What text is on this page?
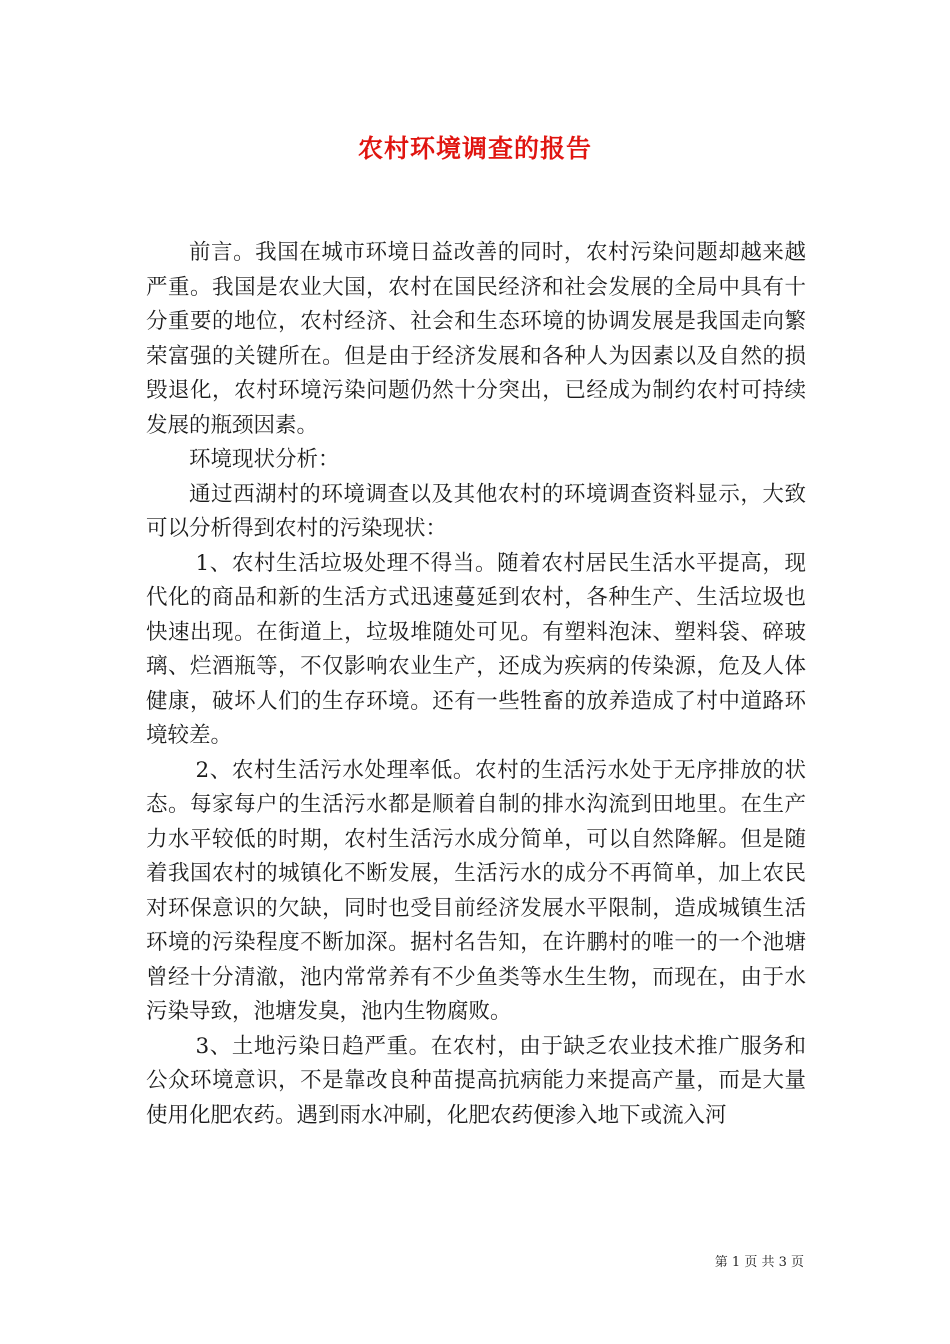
农村环境调查的报告

前言。我国在城市环境日益改善的同时，农村污染问题却越来越严重。我国是农业大国，农村在国民经济和社会发展的全局中具有十分重要的地位，农村经济、社会和生态环境的协调发展是我国走向繁荣富强的关键所在。但是由于经济发展和各种人为因素以及自然的损毁退化，农村环境污染问题仍然十分突出，已经成为制约农村可持续发展的瓶颈因素。

环境现状分析：

通过西湖村的环境调查以及其他农村的环境调查资料显示，大致可以分析得到农村的污染现状：

1、农村生活垃圾处理不得当。随着农村居民生活水平提高，现代化的商品和新的生活方式迅速蔓延到农村，各种生产、生活垃圾也快速出现。在街道上，垃圾堆随处可见。有塑料泡沫、塑料袋、碎玻璃、烂酒瓶等，不仅影响农业生产，还成为疾病的传染源，危及人体健康，破坏人们的生存环境。还有一些牲畜的放养造成了村中道路环境较差。

2、农村生活污水处理率低。农村的生活污水处于无序排放的状态。每家每户的生活污水都是顺着自制的排水沟流到田地里。在生产力水平较低的时期，农村生活污水成分简单，可以自然降解。但是随着我国农村的城镇化不断发展，生活污水的成分不再简单，加上农民对环保意识的欠缺，同时也受目前经济发展水平限制，造成城镇生活环境的污染程度不断加深。据村名告知，在许鹏村的唯一的一个池塘曾经十分清澈，池内常常养有不少鱼类等水生生物，而现在，由于水污染导致，池塘发臭，池内生物腐败。

3、土地污染日趋严重。在农村，由于缺乏农业技术推广服务和公众环境意识，不是靠改良种苗提高抗病能力来提高产量，而是大量使用化肥农药。遇到雨水冲刷，化肥农药便渗入地下或流入河

第 1 页 共 3 页
